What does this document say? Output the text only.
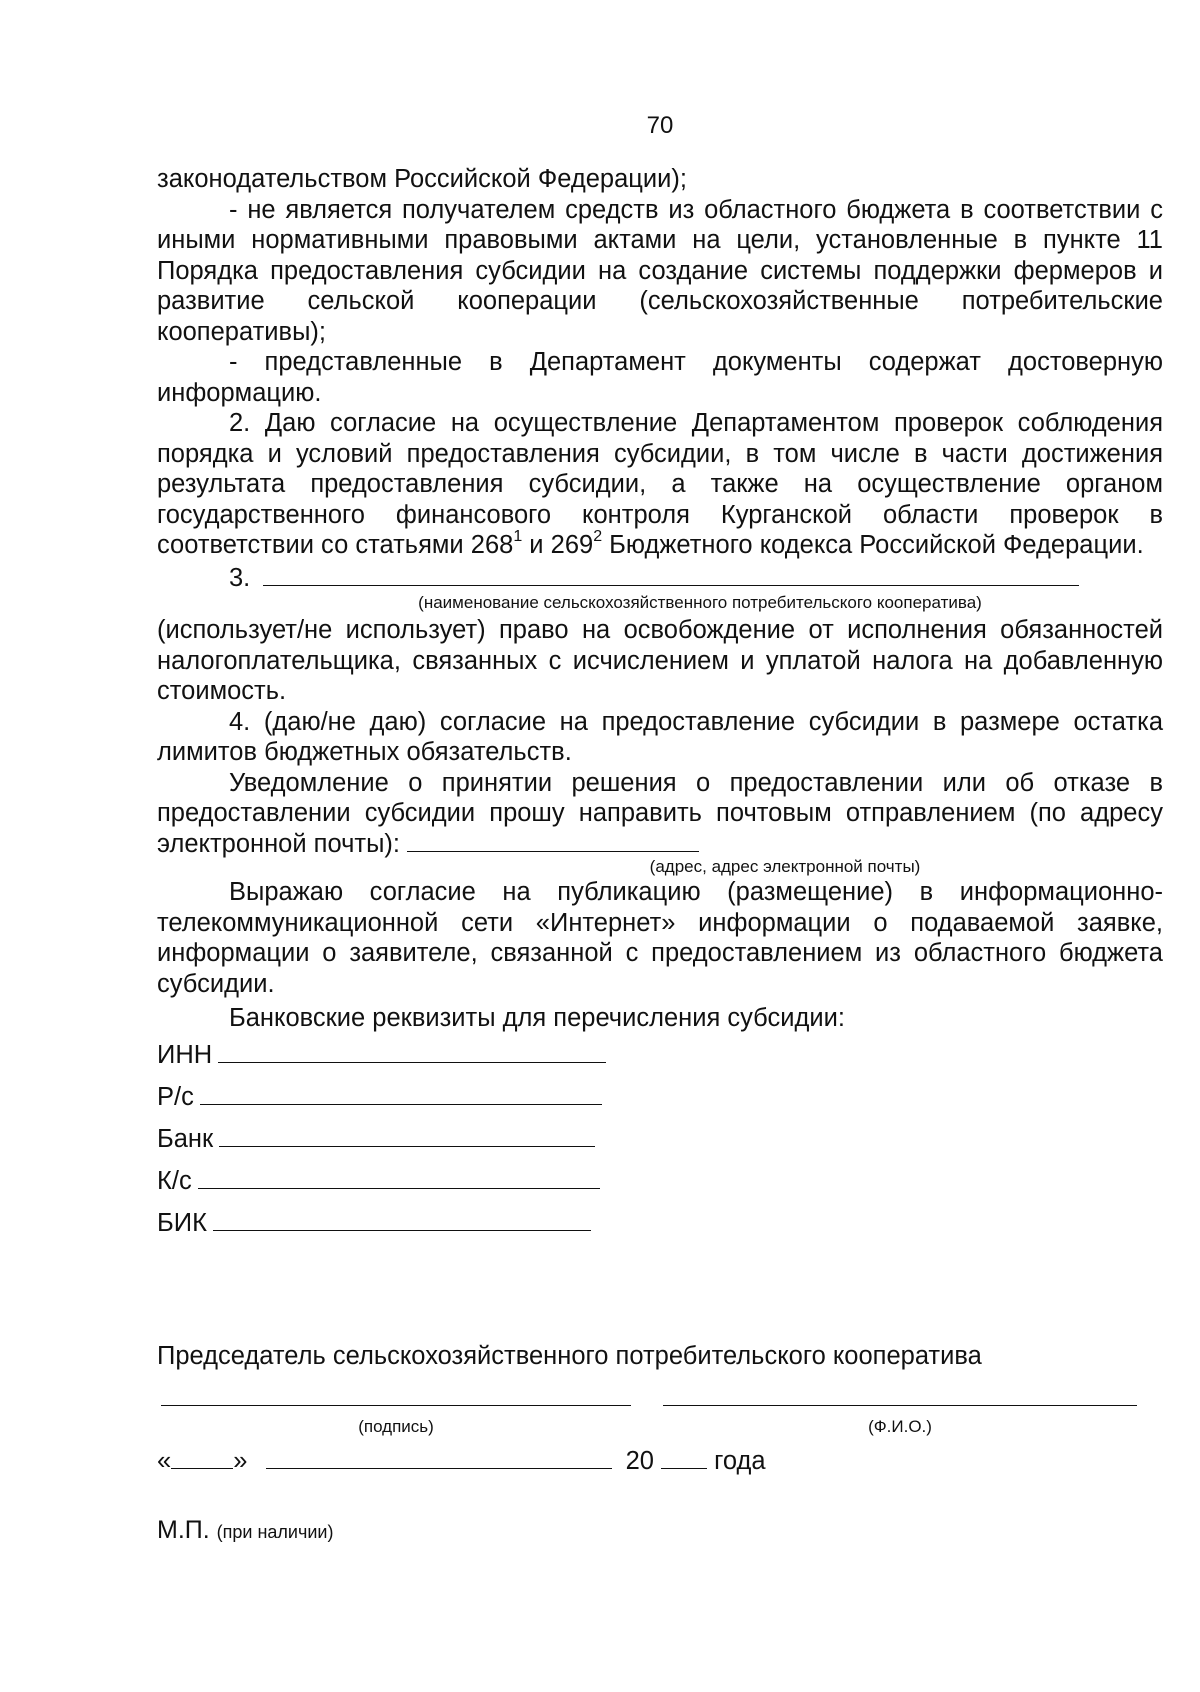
70

законодательством Российской Федерации);

- не является получателем средств из областного бюджета в соответствии с иными нормативными правовыми актами на цели, установленные в пункте 11 Порядка предоставления субсидии на создание системы поддержки фермеров и развитие сельской кооперации (сельскохозяйственные потребительские кооперативы);

- представленные в Департамент документы содержат достоверную информацию.

2. Даю согласие на осуществление Департаментом проверок соблюдения порядка и условий предоставления субсидии, в том числе в части достижения результата предоставления субсидии, а также на осуществление органом государственного финансового контроля Курганской области проверок в соответствии со статьями $268^1$ и $269^2$ Бюджетного кодекса Российской Федерации.

3.
(наименование сельскохозяйственного потребительского кооператива)

(использует/не использует) право на освобождение от исполнения обязанностей налогоплательщика, связанных с исчислением и уплатой налога на добавленную стоимость.

4. (даю/не даю) согласие на предоставление субсидии в размере остатка лимитов бюджетных обязательств.

Уведомление о принятии решения о предоставлении или об отказе в предоставлении субсидии прошу направить почтовым отправлением (по адресу электронной почты):

(адрес, адрес электронной почты)

Выражаю согласие на публикацию (размещение) в информационно-телекоммуникационной сети «Интернет» информации о подаваемой заявке, информации о заявителе, связанной с предоставлением из областного бюджета субсидии.

Банковские реквизиты для перечисления субсидии:

ИНН
Р/с
Банк
К/с
БИК
Председатель сельскохозяйственного потребительского кооператива
(подпись)	(Ф.И.О.)
« »	20 года
М.П. (при наличии)
